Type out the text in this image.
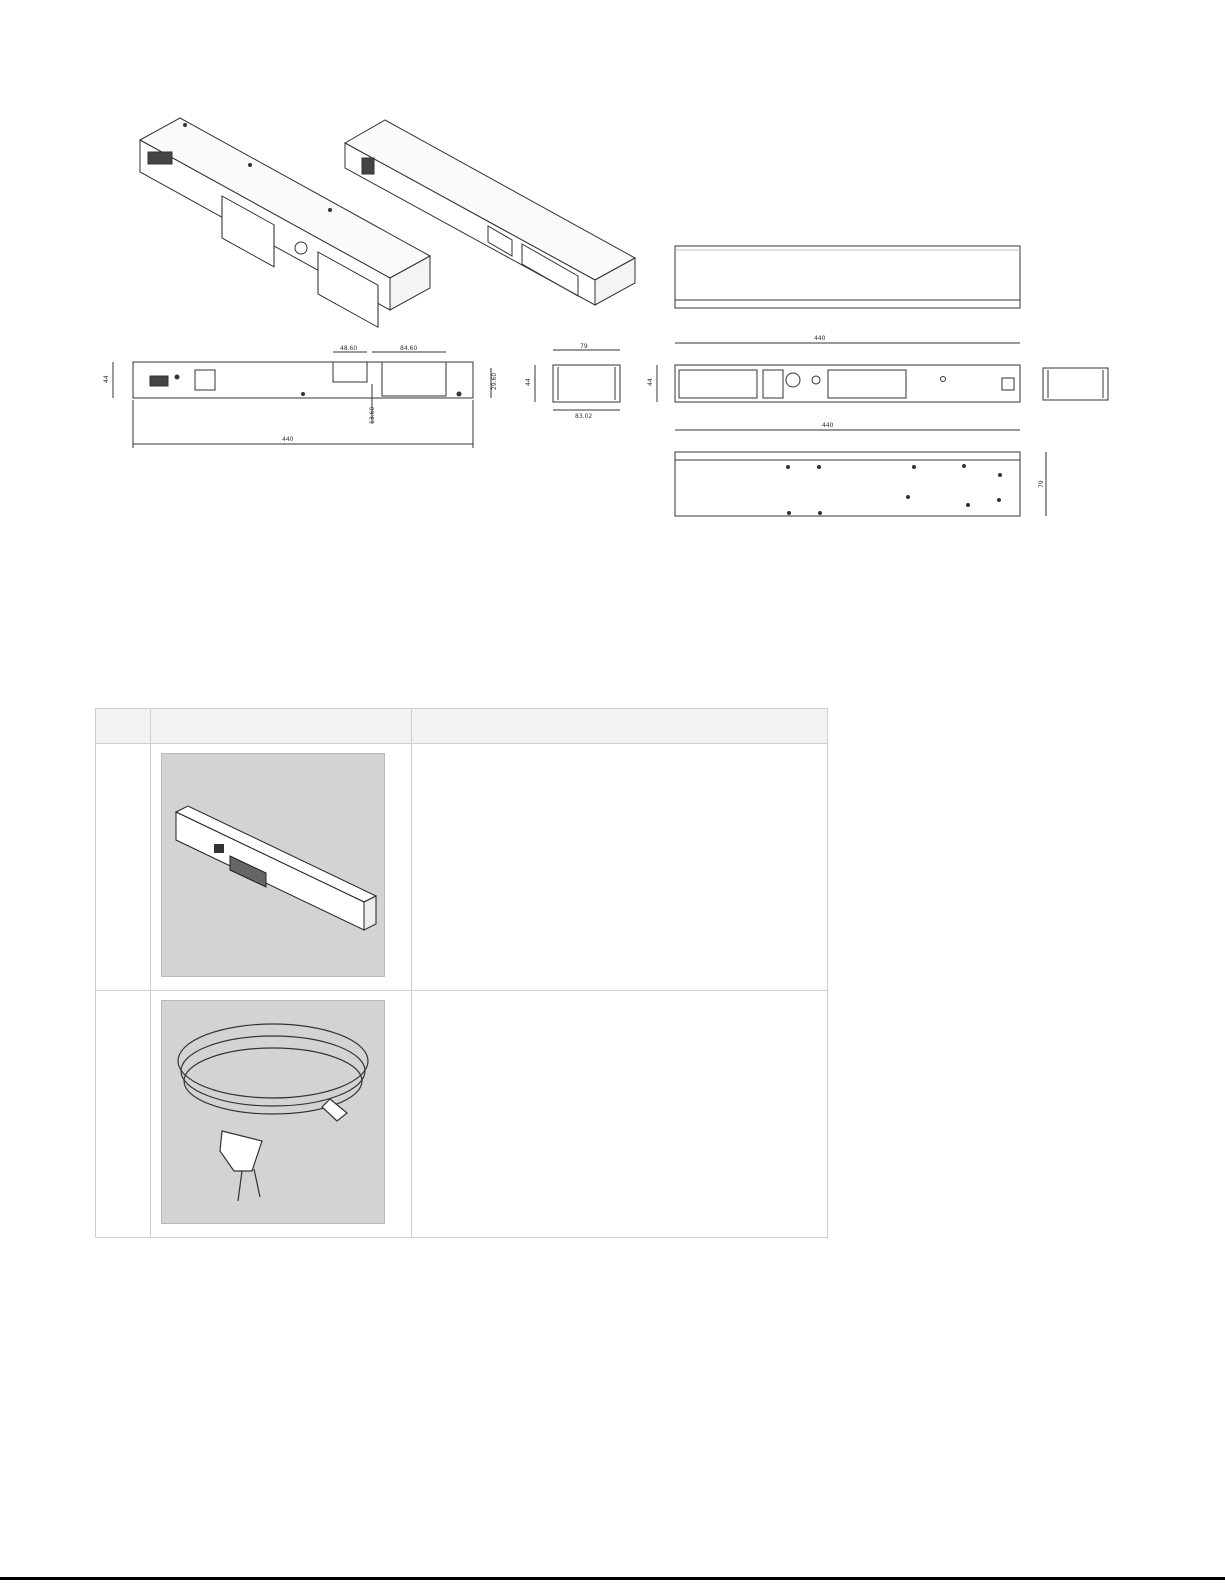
48.60	84.60
44	29.60
13.60
440
79
44
83.02
440
44
440
79
